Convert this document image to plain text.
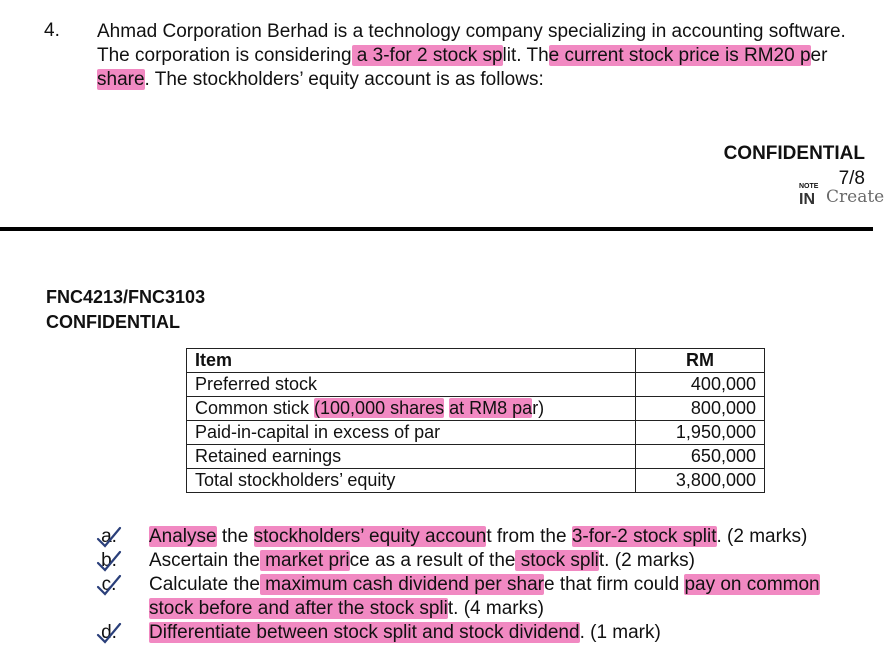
4. Ahmad Corporation Berhad is a technology company specializing in accounting software.

The corporation is considering a 3-for 2 stock split. The current stock price is RM20 per

share. The stockholders’ equity account is as follows:

CONFIDENTIAL
7/8
NOTE
IN Create
FNC4213/FNC3103
CONFIDENTIAL
Item	RM
Preferred stock	400,000
Common stick (100,000 shares at RM8 par)	800,000
Paid-in-capital in excess of par	1,950,000
Retained earnings	650,000
Total stockholders’ equity	3,800,000
a. Analyse the stockholders’ equity account from the 3-for-2 stock split. (2 marks)
b. Ascertain the market price as a result of the stock split. (2 marks)
c. Calculate the maximum cash dividend per share that firm could pay on common
stock before and after the stock split. (4 marks)
d. Differentiate between stock split and stock dividend. (1 mark)
